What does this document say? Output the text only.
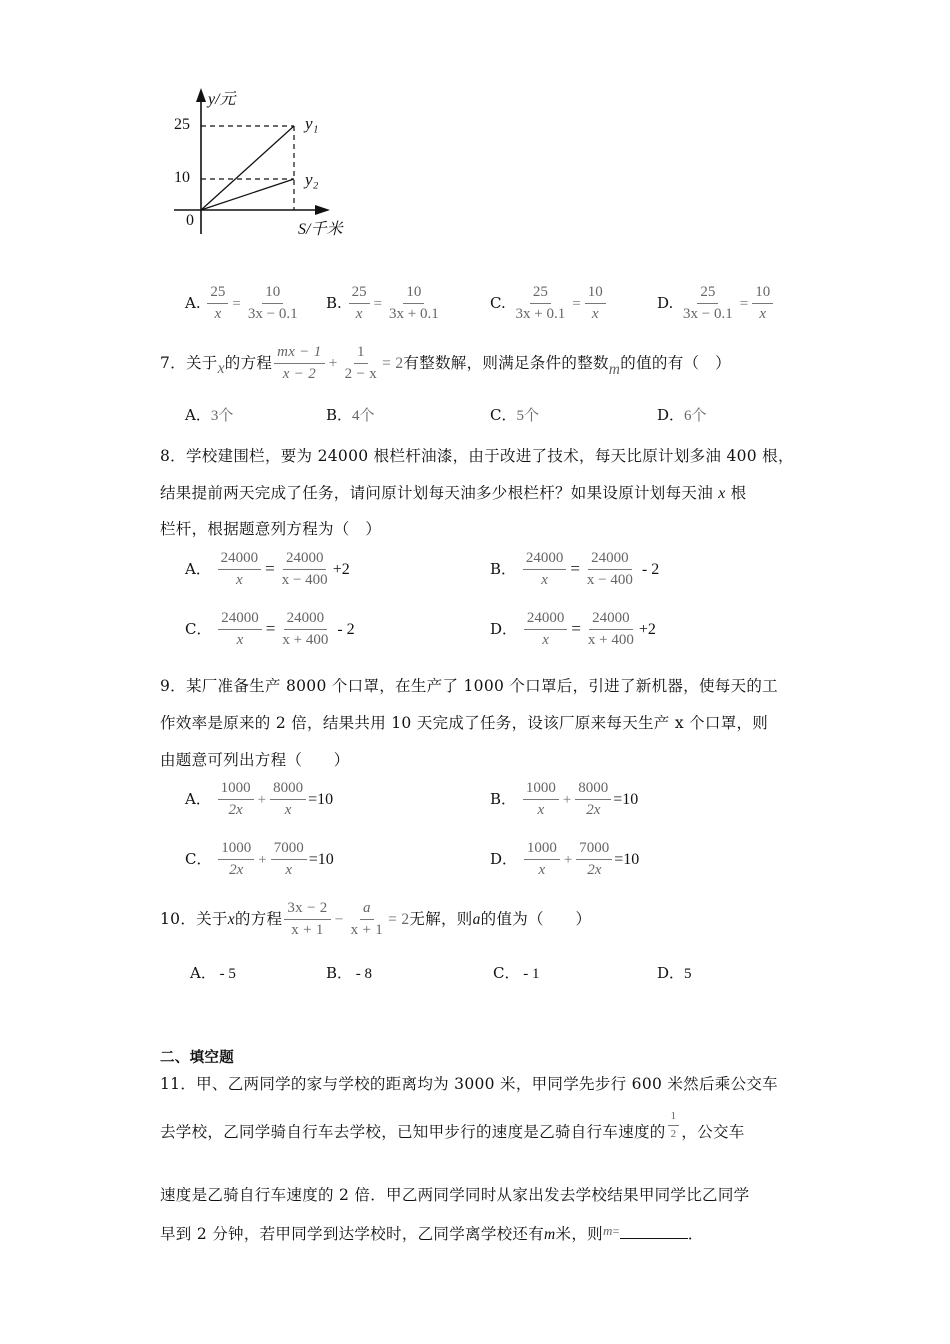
y/元
25
10
0
y₁
y₂
S/千米
A. $\frac{25}{x} = \frac{10}{3x - 0.1} B$. $\frac{25}{x} = \frac{10}{3x + 0.1}$	C. $\frac{25}{3x + 0.1} = \frac{10}{x}$	D. $\frac{25}{3x - 0.1} = \frac{10}{x}$
7．关于x的方程 $\frac{mx - 1}{x - 2} + \frac{1}{2 - x} = 2$有整数解，则满足条件的整数m的值的有（　）
A．3个	B．4个	C．5个	D．6个
8．学校建围栏，要为 24000 根栏杆油漆，由于改进了技术，每天比原计划多油 400 根，
结果提前两天完成了任务，请问原计划每天油多少根栏杆？如果设原计划每天油 x 根
栏杆，根据题意列方程为（　）
A． $\frac{24000}{x} = \frac{24000}{x - 400} +2$	B． $\frac{24000}{x} = \frac{24000}{x - 400} - 2$
C． $\frac{24000}{x} = \frac{24000}{x + 400} - 2$	D． $\frac{24000}{x} = \frac{24000}{x + 400} +2$
9．某厂准备生产 8000 个口罩，在生产了 1000 个口罩后，引进了新机器，使每天的工
作效率是原来的 2 倍，结果共用 10 天完成了任务，设该厂原来每天生产 x 个口罩，则
由题意可列出方程（　　）
A． $\frac{1000}{2x} + \frac{8000}{x} =10$	B． $\frac{1000}{x} + \frac{8000}{2x} =10$
C． $\frac{1000}{2x} + \frac{7000}{x} =10$	D． $\frac{1000}{x} + \frac{7000}{2x} =10$
10．关于x的方程 $\frac{3x - 2}{x + 1} - \frac{a}{x + 1} = 2$无解，则a的值为（　　）
A． - 5	B． - 8	C． - 1	D．5
二、填空题
11．甲、乙两同学的家与学校的距离均为 3000 米，甲同学先步行 600 米然后乘公交车
去学校，乙同学骑自行车去学校，已知甲步行的速度是乙骑自行车速度的 $\frac{1}{2}$ ，公交车
速度是乙骑自行车速度的 2 倍．甲乙两同学同时从家出发去学校结果甲同学比乙同学
早到 2 分钟，若甲同学到达学校时，乙同学离学校还有m米，则$^{m=}$	．
